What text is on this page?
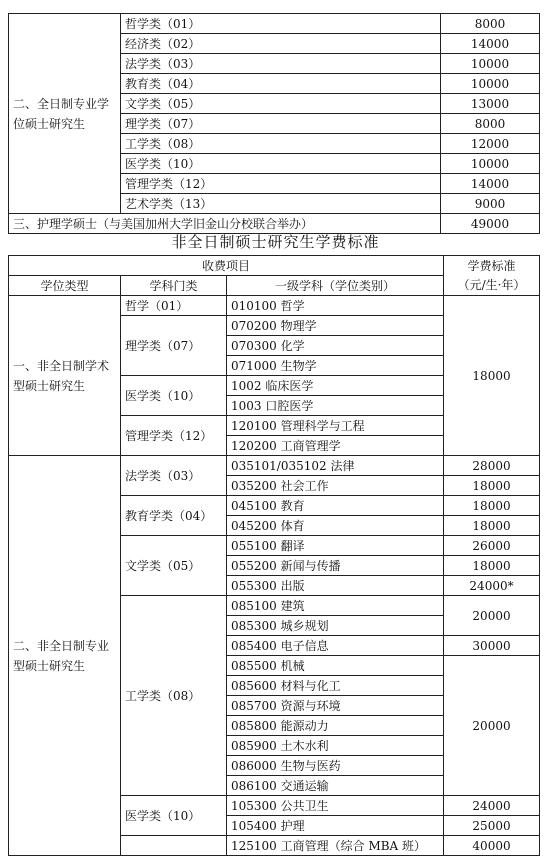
二、全日制专业学位硕士研究生	哲学类（01）	8000
	经济类（02）	14000
	法学类（03）	10000
	教育类（04）	10000
	文学类（05）	13000
	理学类（07）	8000
	工学类（08）	12000
	医学类（10）	10000
	管理学类（12）	14000
	艺术学类（13）	9000
三、护理学硕士（与美国加州大学旧金山分校联合举办）		49000
非全日制硕士研究生学费标准
收费项目			学费标准
（元/生·年）

学位类型	学科门类	一级学科（学位类别）	
一、非全日制学术型硕士研究生	哲学（01）	010100 哲学	18000
	理学类（07）	070200 物理学	
		070300 化学	
		071000 生物学	
	医学类（10）	1002 临床医学	
		1003 口腔医学	
	管理学类（12）	120100 管理科学与工程	
		120200 工商管理学	
二、非全日制专业型硕士研究生	法学类（03）	035101/035102 法律	28000
		035200 社会工作	18000
	教育学类（04）	045100 教育	18000
		045200 体育	18000
	文学类（05）	055100 翻译	26000
		055200 新闻与传播	18000
		055300 出版	24000*
	工学类（08）	085100 建筑	20000
		085300 城乡规划	
		085400 电子信息	30000
		085500 机械	20000
		085600 材料与化工	
		085700 资源与环境	
		085800 能源动力	
		085900 土木水利	
		086000 生物与医药	
		086100 交通运输	
	医学类（10）	105300 公共卫生	24000
		105400 护理	25000
		125100 工商管理（综合 MBA 班）	40000
